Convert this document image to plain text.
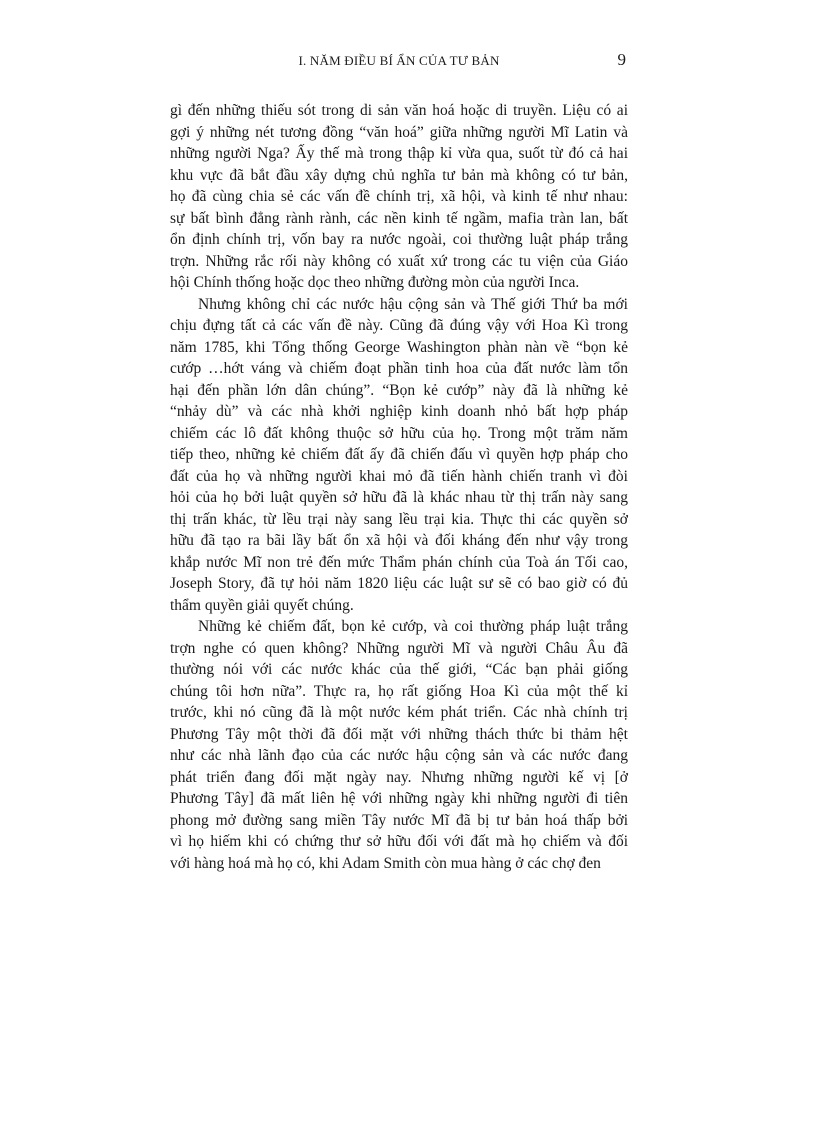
I. NĂM ĐIỀU BÍ ẨN CỦA TƯ BẢN	9
gì đến những thiếu sót trong di sản văn hoá hoặc di truyền. Liệu có ai
gợi ý những nét tương đồng “văn hoá” giữa những người Mĩ Latin và
những người Nga? Ấy thế mà trong thập kỉ vừa qua, suốt từ đó cả hai
khu vực đã bắt đầu xây dựng chủ nghĩa tư bản mà không có tư bản,
họ đã cùng chia sẻ các vấn đề chính trị, xã hội, và kinh tế như nhau:
sự bất bình đẳng rành rành, các nền kinh tế ngầm, mafia tràn lan, bất
ổn định chính trị, vốn bay ra nước ngoài, coi thường luật pháp trắng
trợn. Những rắc rối này không có xuất xứ trong các tu viện của Giáo
hội Chính thống hoặc dọc theo những đường mòn của người Inca.
Nhưng không chỉ các nước hậu cộng sản và Thế giới Thứ ba mới
chịu đựng tất cả các vấn đề này. Cũng đã đúng vậy với Hoa Kì trong
năm 1785, khi Tổng thống George Washington phàn nàn về “bọn kẻ
cướp …hớt váng và chiếm đoạt phần tinh hoa của đất nước làm tổn
hại đến phần lớn dân chúng”. “Bọn kẻ cướp” này đã là những kẻ
“nhảy dù” và các nhà khởi nghiệp kinh doanh nhỏ bất hợp pháp
chiếm các lô đất không thuộc sở hữu của họ. Trong một trăm năm
tiếp theo, những kẻ chiếm đất ấy đã chiến đấu vì quyền hợp pháp cho
đất của họ và những người khai mỏ đã tiến hành chiến tranh vì đòi
hỏi của họ bởi luật quyền sở hữu đã là khác nhau từ thị trấn này sang
thị trấn khác, từ lều trại này sang lều trại kia. Thực thi các quyền sở
hữu đã tạo ra bãi lầy bất ổn xã hội và đối kháng đến như vậy trong
khắp nước Mĩ non trẻ đến mức Thẩm phán chính của Toà án Tối cao,
Joseph Story, đã tự hỏi năm 1820 liệu các luật sư sẽ có bao giờ có đủ
thẩm quyền giải quyết chúng.
Những kẻ chiếm đất, bọn kẻ cướp, và coi thường pháp luật trắng
trợn nghe có quen không? Những người Mĩ và người Châu Âu đã
thường nói với các nước khác của thế giới, “Các bạn phải giống
chúng tôi hơn nữa”. Thực ra, họ rất giống Hoa Kì của một thế kỉ
trước, khi nó cũng đã là một nước kém phát triển. Các nhà chính trị
Phương Tây một thời đã đối mặt với những thách thức bi thảm hệt
như các nhà lãnh đạo của các nước hậu cộng sản và các nước đang
phát triển đang đối mặt ngày nay. Nhưng những người kế vị [ở
Phương Tây] đã mất liên hệ với những ngày khi những người đi tiên
phong mở đường sang miền Tây nước Mĩ đã bị tư bản hoá thấp bởi
vì họ hiếm khi có chứng thư sở hữu đối với đất mà họ chiếm và đối
với hàng hoá mà họ có, khi Adam Smith còn mua hàng ở các chợ đen
